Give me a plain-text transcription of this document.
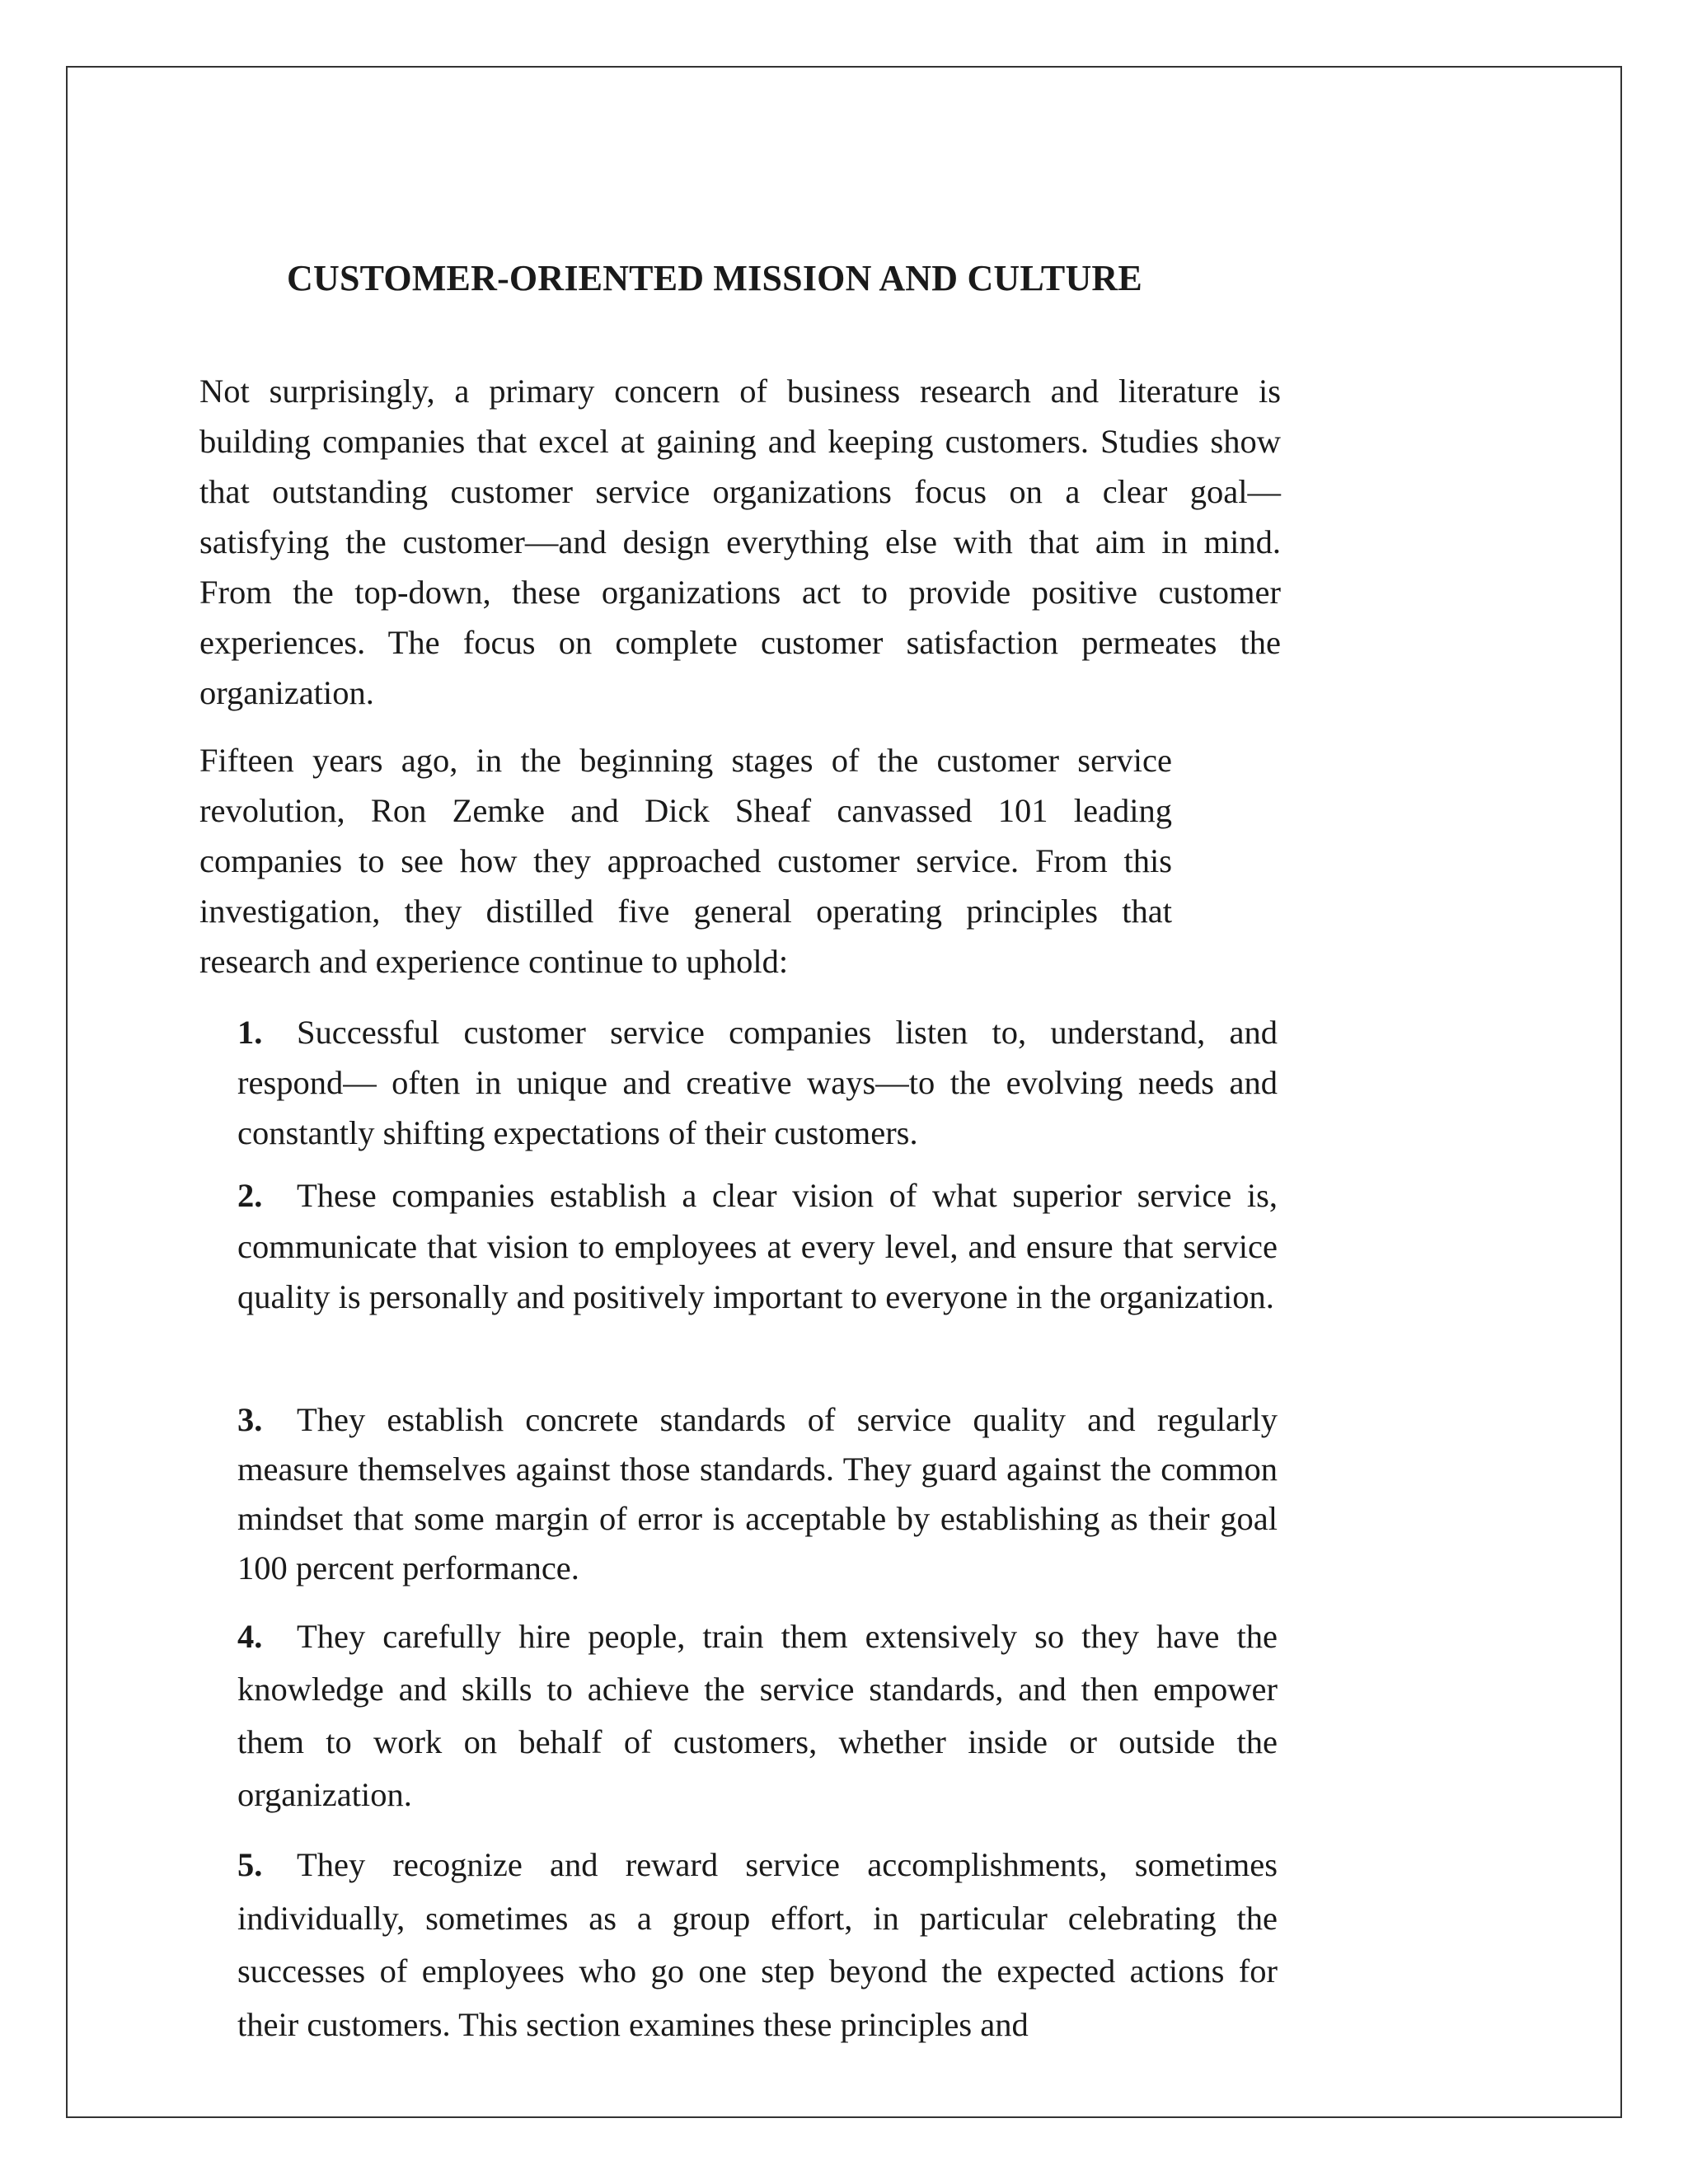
CUSTOMER-ORIENTED MISSION AND CULTURE

Not surprisingly, a primary concern of business research and literature is building companies that excel at gaining and keeping customers. Studies show that outstanding customer service organizations focus on a clear goal—satisfying the customer—and design everything else with that aim in mind. From the top-down, these organizations act to provide positive customer experiences. The focus on complete customer satisfaction permeates the organization.

Fifteen years ago, in the beginning stages of the customer service revolution, Ron Zemke and Dick Sheaf canvassed 101 leading companies to see how they approached customer service. From this investigation, they distilled five general operating principles that research and experience continue to uphold:

1. Successful customer service companies listen to, understand, and respond— often in unique and creative ways—to the evolving needs and constantly shifting expectations of their customers.
2. These companies establish a clear vision of what superior service is, communicate that vision to employees at every level, and ensure that service quality is personally and positively important to everyone in the organization.
3. They establish concrete standards of service quality and regularly measure themselves against those standards. They guard against the common mindset that some margin of error is acceptable by establishing as their goal 100 percent performance.
4. They carefully hire people, train them extensively so they have the knowledge and skills to achieve the service standards, and then empower them to work on behalf of customers, whether inside or outside the organization.
5. They recognize and reward service accomplishments, sometimes individually, sometimes as a group effort, in particular celebrating the successes of employees who go one step beyond the expected actions for their customers. This section examines these principles and
